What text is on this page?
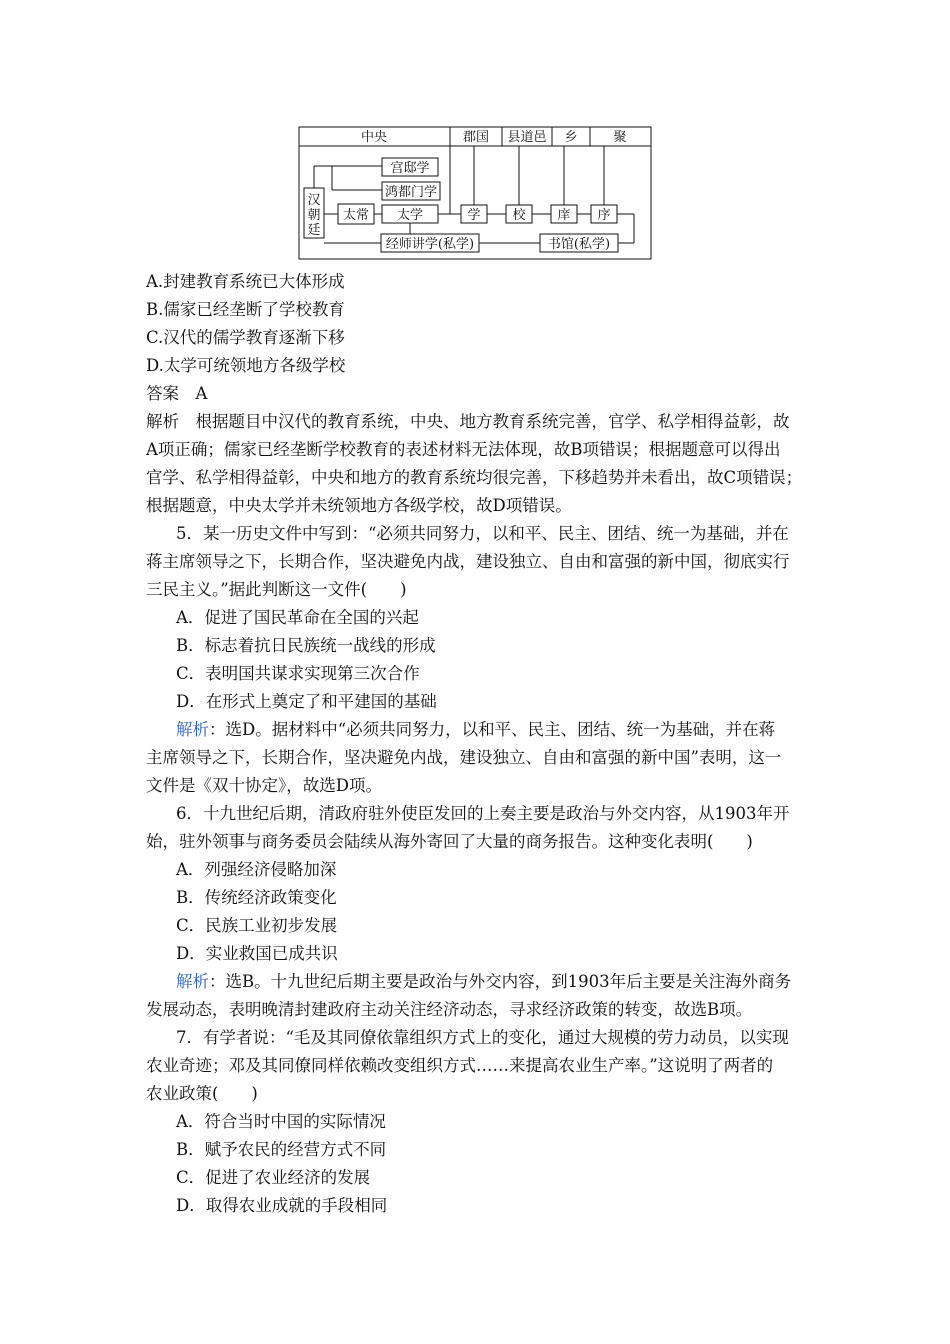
中央	郡国 县道邑 乡	聚
汉
朝
廷
太常
宫邸学
鸿都门学
太学	学 校 庠 序
经师讲学(私学)	书馆(私学)
A.封建教育系统已大体形成
B.儒家已经垄断了学校教育
C.汉代的儒学教育逐渐下移
D.太学可统领地方各级学校
答案　A
解析　根据题目中汉代的教育系统，中央、地方教育系统完善，官学、私学相得益彰，故
A项正确；儒家已经垄断学校教育的表述材料无法体现，故B项错误；根据题意可以得出
官学、私学相得益彰，中央和地方的教育系统均很完善，下移趋势并未看出，故C项错误；
根据题意，中央太学并未统领地方各级学校，故D项错误。
5．某一历史文件中写到：“必须共同努力，以和平、民主、团结、统一为基础，并在
蒋主席领导之下，长期合作，坚决避免内战，建设独立、自由和富强的新中国，彻底实行
三民主义。”据此判断这一文件(　　)
A．促进了国民革命在全国的兴起
B．标志着抗日民族统一战线的形成
C．表明国共谋求实现第三次合作
D．在形式上奠定了和平建国的基础
解析：选D。据材料中“必须共同努力，以和平、民主、团结、统一为基础，并在蒋
主席领导之下，长期合作，坚决避免内战，建设独立、自由和富强的新中国”表明，这一
文件是《双十协定》，故选D项。
6．十九世纪后期，清政府驻外使臣发回的上奏主要是政治与外交内容，从1903年开
始，驻外领事与商务委员会陆续从海外寄回了大量的商务报告。这种变化表明(　　)
A．列强经济侵略加深
B．传统经济政策变化
C．民族工业初步发展
D．实业救国已成共识
解析：选B。十九世纪后期主要是政治与外交内容，到1903年后主要是关注海外商务
发展动态，表明晚清封建政府主动关注经济动态，寻求经济政策的转变，故选B项。
7．有学者说：“毛及其同僚依靠组织方式上的变化，通过大规模的劳力动员，以实现
农业奇迹；邓及其同僚同样依赖改变组织方式……来提高农业生产率。”这说明了两者的
农业政策(　　)
A．符合当时中国的实际情况
B．赋予农民的经营方式不同
C．促进了农业经济的发展
D．取得农业成就的手段相同
